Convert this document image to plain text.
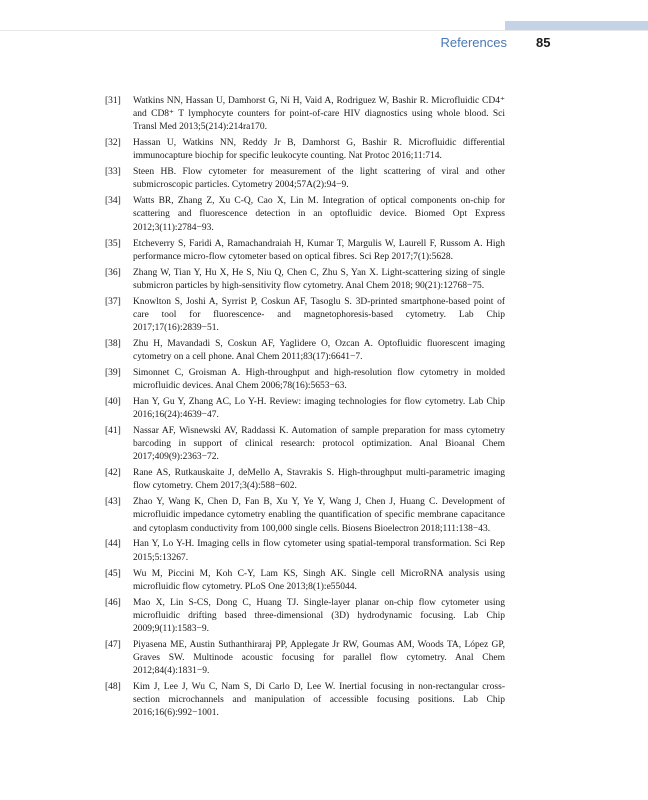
References 85
[31]	Watkins NN, Hassan U, Damhorst G, Ni H, Vaid A, Rodriguez W, Bashir R. Microfluidic CD4⁺ and CD8⁺ T lymphocyte counters for point-of-care HIV diagnostics using whole blood. Sci Transl Med 2013;5(214):214ra170.
[32]	Hassan U, Watkins NN, Reddy Jr B, Damhorst G, Bashir R. Microfluidic differential immunocapture biochip for specific leukocyte counting. Nat Protoc 2016;11:714.
[33]	Steen HB. Flow cytometer for measurement of the light scattering of viral and other submicroscopic particles. Cytometry 2004;57A(2):94−9.
[34]	Watts BR, Zhang Z, Xu C-Q, Cao X, Lin M. Integration of optical components on-chip for scattering and fluorescence detection in an optofluidic device. Biomed Opt Express 2012;3(11):2784−93.
[35]	Etcheverry S, Faridi A, Ramachandraiah H, Kumar T, Margulis W, Laurell F, Russom A. High performance micro-flow cytometer based on optical fibres. Sci Rep 2017;7(1):5628.
[36]	Zhang W, Tian Y, Hu X, He S, Niu Q, Chen C, Zhu S, Yan X. Light-scattering sizing of single submicron particles by high-sensitivity flow cytometry. Anal Chem 2018; 90(21):12768−75.
[37]	Knowlton S, Joshi A, Syrrist P, Coskun AF, Tasoglu S. 3D-printed smartphone-based point of care tool for fluorescence- and magnetophoresis-based cytometry. Lab Chip 2017;17(16):2839−51.
[38]	Zhu H, Mavandadi S, Coskun AF, Yaglidere O, Ozcan A. Optofluidic fluorescent imaging cytometry on a cell phone. Anal Chem 2011;83(17):6641−7.
[39]	Simonnet C, Groisman A. High-throughput and high-resolution flow cytometry in molded microfluidic devices. Anal Chem 2006;78(16):5653−63.
[40]	Han Y, Gu Y, Zhang AC, Lo Y-H. Review: imaging technologies for flow cytometry. Lab Chip 2016;16(24):4639−47.
[41]	Nassar AF, Wisnewski AV, Raddassi K. Automation of sample preparation for mass cytometry barcoding in support of clinical research: protocol optimization. Anal Bioanal Chem 2017;409(9):2363−72.
[42]	Rane AS, Rutkauskaite J, deMello A, Stavrakis S. High-throughput multi-parametric imaging flow cytometry. Chem 2017;3(4):588−602.
[43]	Zhao Y, Wang K, Chen D, Fan B, Xu Y, Ye Y, Wang J, Chen J, Huang C. Development of microfluidic impedance cytometry enabling the quantification of specific membrane capacitance and cytoplasm conductivity from 100,000 single cells. Biosens Bioelectron 2018;111:138−43.
[44]	Han Y, Lo Y-H. Imaging cells in flow cytometer using spatial-temporal transformation. Sci Rep 2015;5:13267.
[45]	Wu M, Piccini M, Koh C-Y, Lam KS, Singh AK. Single cell MicroRNA analysis using microfluidic flow cytometry. PLoS One 2013;8(1):e55044.
[46]	Mao X, Lin S-CS, Dong C, Huang TJ. Single-layer planar on-chip flow cytometer using microfluidic drifting based three-dimensional (3D) hydrodynamic focusing. Lab Chip 2009;9(11):1583−9.
[47]	Piyasena ME, Austin Suthanthiraraj PP, Applegate Jr RW, Goumas AM, Woods TA, López GP, Graves SW. Multinode acoustic focusing for parallel flow cytometry. Anal Chem 2012;84(4):1831−9.
[48]	Kim J, Lee J, Wu C, Nam S, Di Carlo D, Lee W. Inertial focusing in non-rectangular cross-section microchannels and manipulation of accessible focusing positions. Lab Chip 2016;16(6):992−1001.
